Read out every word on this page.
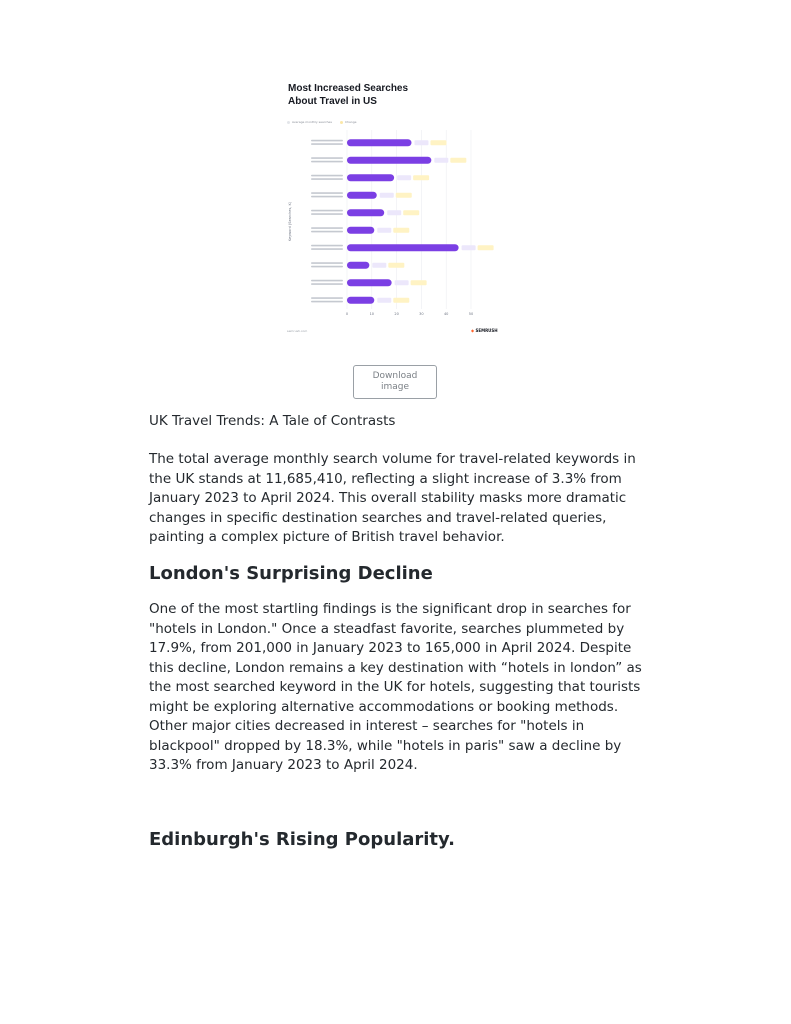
Most Increased Searches
About Travel in US
Average monthly searches	Change
0	10	20	30	40	50
Keyword (Searches, K)
semrush.com	◆ SEMRUSH
Download
image
UK Travel Trends: A Tale of Contrasts

The total average monthly search volume for travel-related keywords in the UK stands at 11,685,410, reflecting a slight increase of 3.3% from January 2023 to April 2024. This overall stability masks more dramatic changes in specific destination searches and travel-related queries, painting a complex picture of British travel behavior.

London's Surprising Decline

One of the most startling findings is the significant drop in searches for "hotels in London." Once a steadfast favorite, searches plummeted by 17.9%, from 201,000 in January 2023 to 165,000 in April 2024. Despite this decline, London remains a key destination with “hotels in london” as the most searched keyword in the UK for hotels, suggesting that tourists might be exploring alternative accommodations or booking methods. Other major cities decreased in interest – searches for "hotels in blackpool" dropped by 18.3%, while "hotels in paris" saw a decline by 33.3% from January 2023 to April 2024.

Edinburgh's Rising Popularity.
